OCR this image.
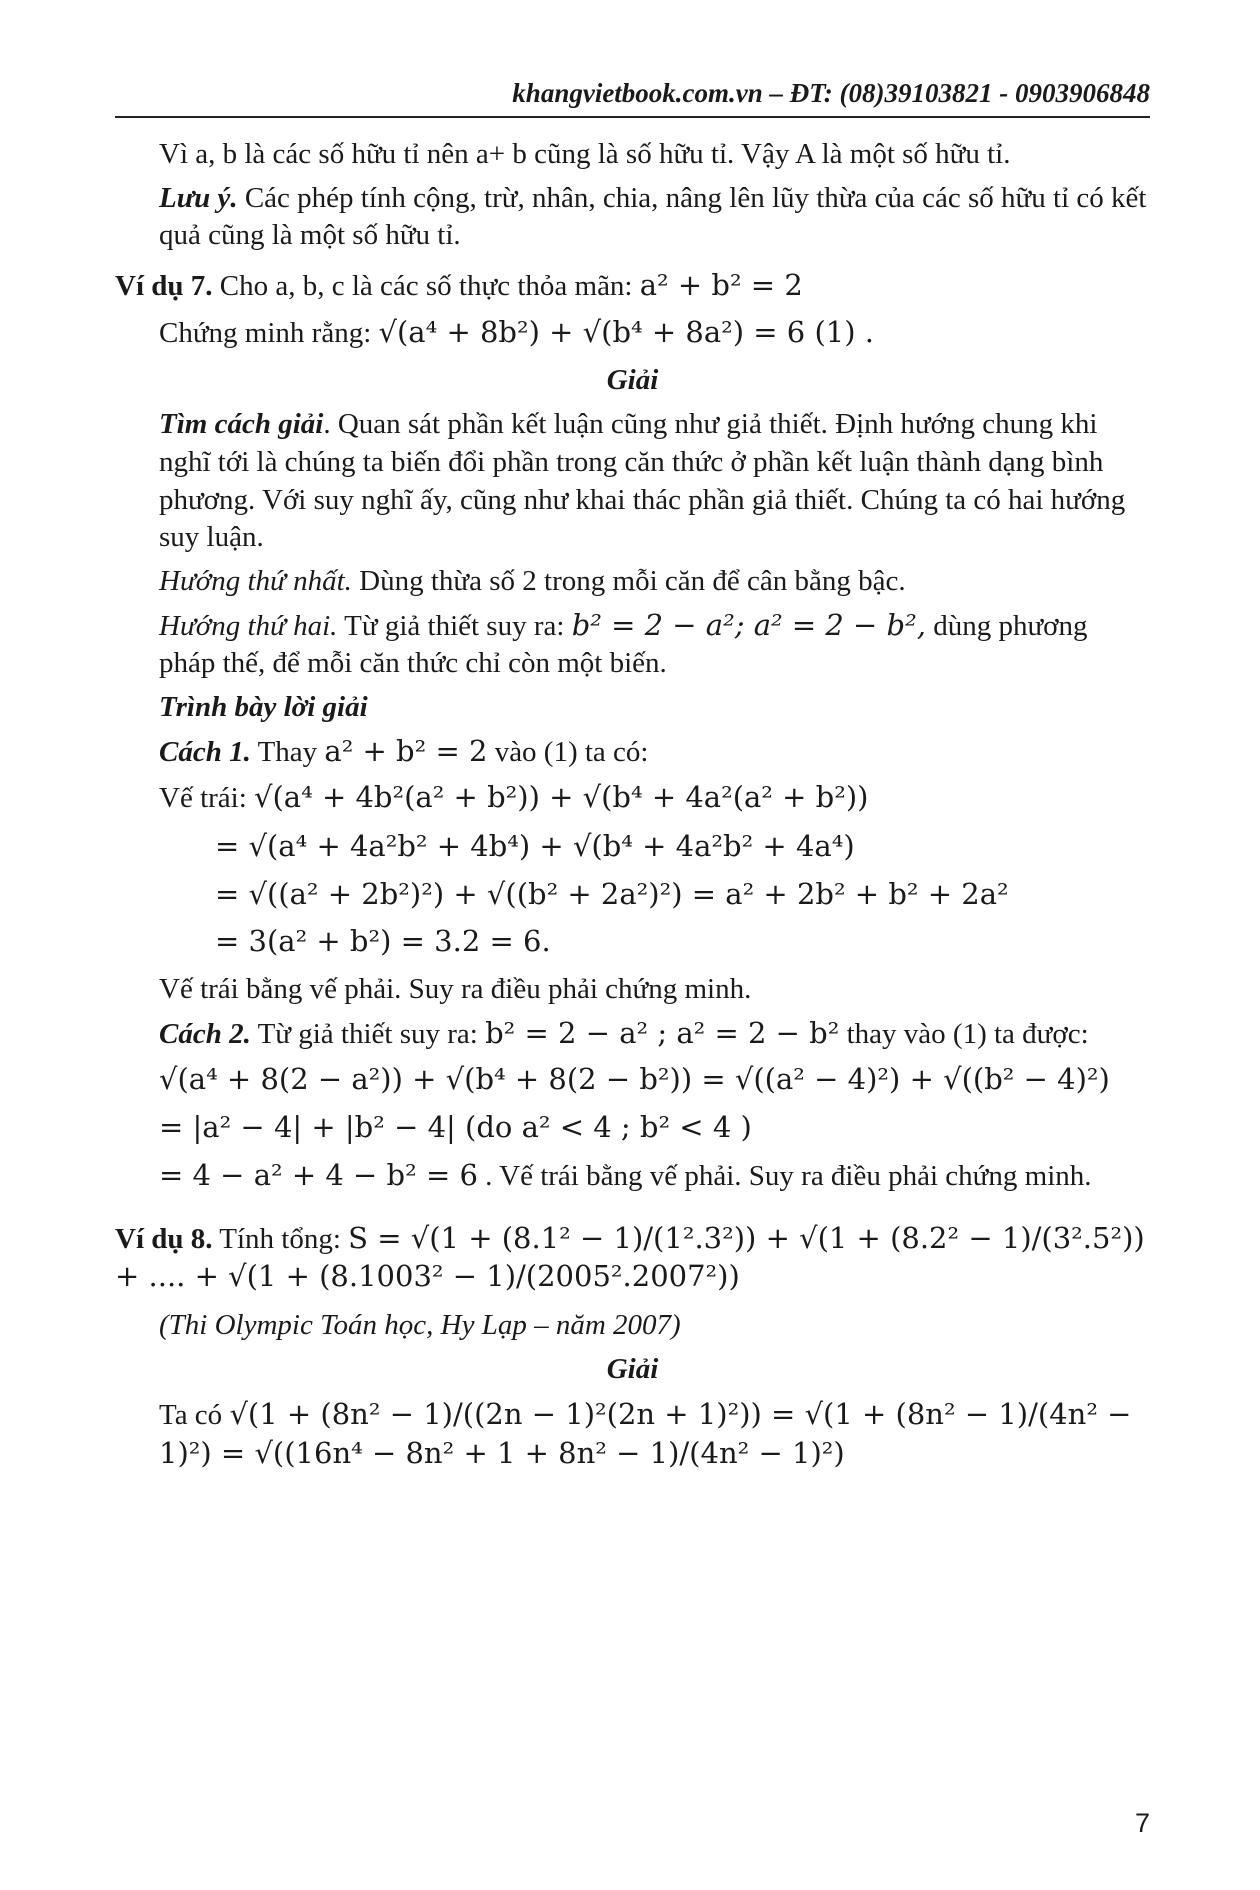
khangvietbook.com.vn – ĐT: (08)39103821 - 0903906848

Vì a, b là các số hữu tỉ nên a+ b cũng là số hữu tỉ. Vậy A là một số hữu tỉ.

Lưu ý. Các phép tính cộng, trừ, nhân, chia, nâng lên lũy thừa của các số hữu tỉ có kết quả cũng là một số hữu tỉ.

Ví dụ 7. Cho a, b, c là các số thực thỏa mãn: a² + b² = 2

Chứng minh rằng: √(a⁴ + 8b²) + √(b⁴ + 8a²) = 6 (1) .

Giải

Tìm cách giải. Quan sát phần kết luận cũng như giả thiết. Định hướng chung khi nghĩ tới là chúng ta biến đổi phần trong căn thức ở phần kết luận thành dạng bình phương. Với suy nghĩ ấy, cũng như khai thác phần giả thiết. Chúng ta có hai hướng suy luận.

Hướng thứ nhất. Dùng thừa số 2 trong mỗi căn để cân bằng bậc.

Hướng thứ hai. Từ giả thiết suy ra: b² = 2 − a²; a² = 2 − b², dùng phương pháp thế, để mỗi căn thức chỉ còn một biến.

Trình bày lời giải

Cách 1. Thay a² + b² = 2 vào (1) ta có:

Vế trái: √(a⁴ + 4b²(a² + b²)) + √(b⁴ + 4a²(a² + b²))

= √(a⁴ + 4a²b² + 4b⁴) + √(b⁴ + 4a²b² + 4a⁴)

= √((a² + 2b²)²) + √((b² + 2a²)²) = a² + 2b² + b² + 2a²

= 3(a² + b²) = 3.2 = 6.

Vế trái bằng vế phải. Suy ra điều phải chứng minh.

Cách 2. Từ giả thiết suy ra: b² = 2 − a² ; a² = 2 − b² thay vào (1) ta được:

√(a⁴ + 8(2 − a²)) + √(b⁴ + 8(2 − b²)) = √((a² − 4)²) + √((b² − 4)²)

= |a² − 4| + |b² − 4| (do a² < 4 ; b² < 4 )

= 4 − a² + 4 − b² = 6 . Vế trái bằng vế phải. Suy ra điều phải chứng minh.

Ví dụ 8. Tính tổng: S = √(1 + (8.1² − 1)/(1².3²)) + √(1 + (8.2² − 1)/(3².5²)) + .... + √(1 + (8.1003² − 1)/(2005².2007²))

(Thi Olympic Toán học, Hy Lạp – năm 2007)

Giải

Ta có √(1 + (8n² − 1)/((2n − 1)²(2n + 1)²)) = √(1 + (8n² − 1)/(4n² − 1)²) = √((16n⁴ − 8n² + 1 + 8n² − 1)/(4n² − 1)²)

7
